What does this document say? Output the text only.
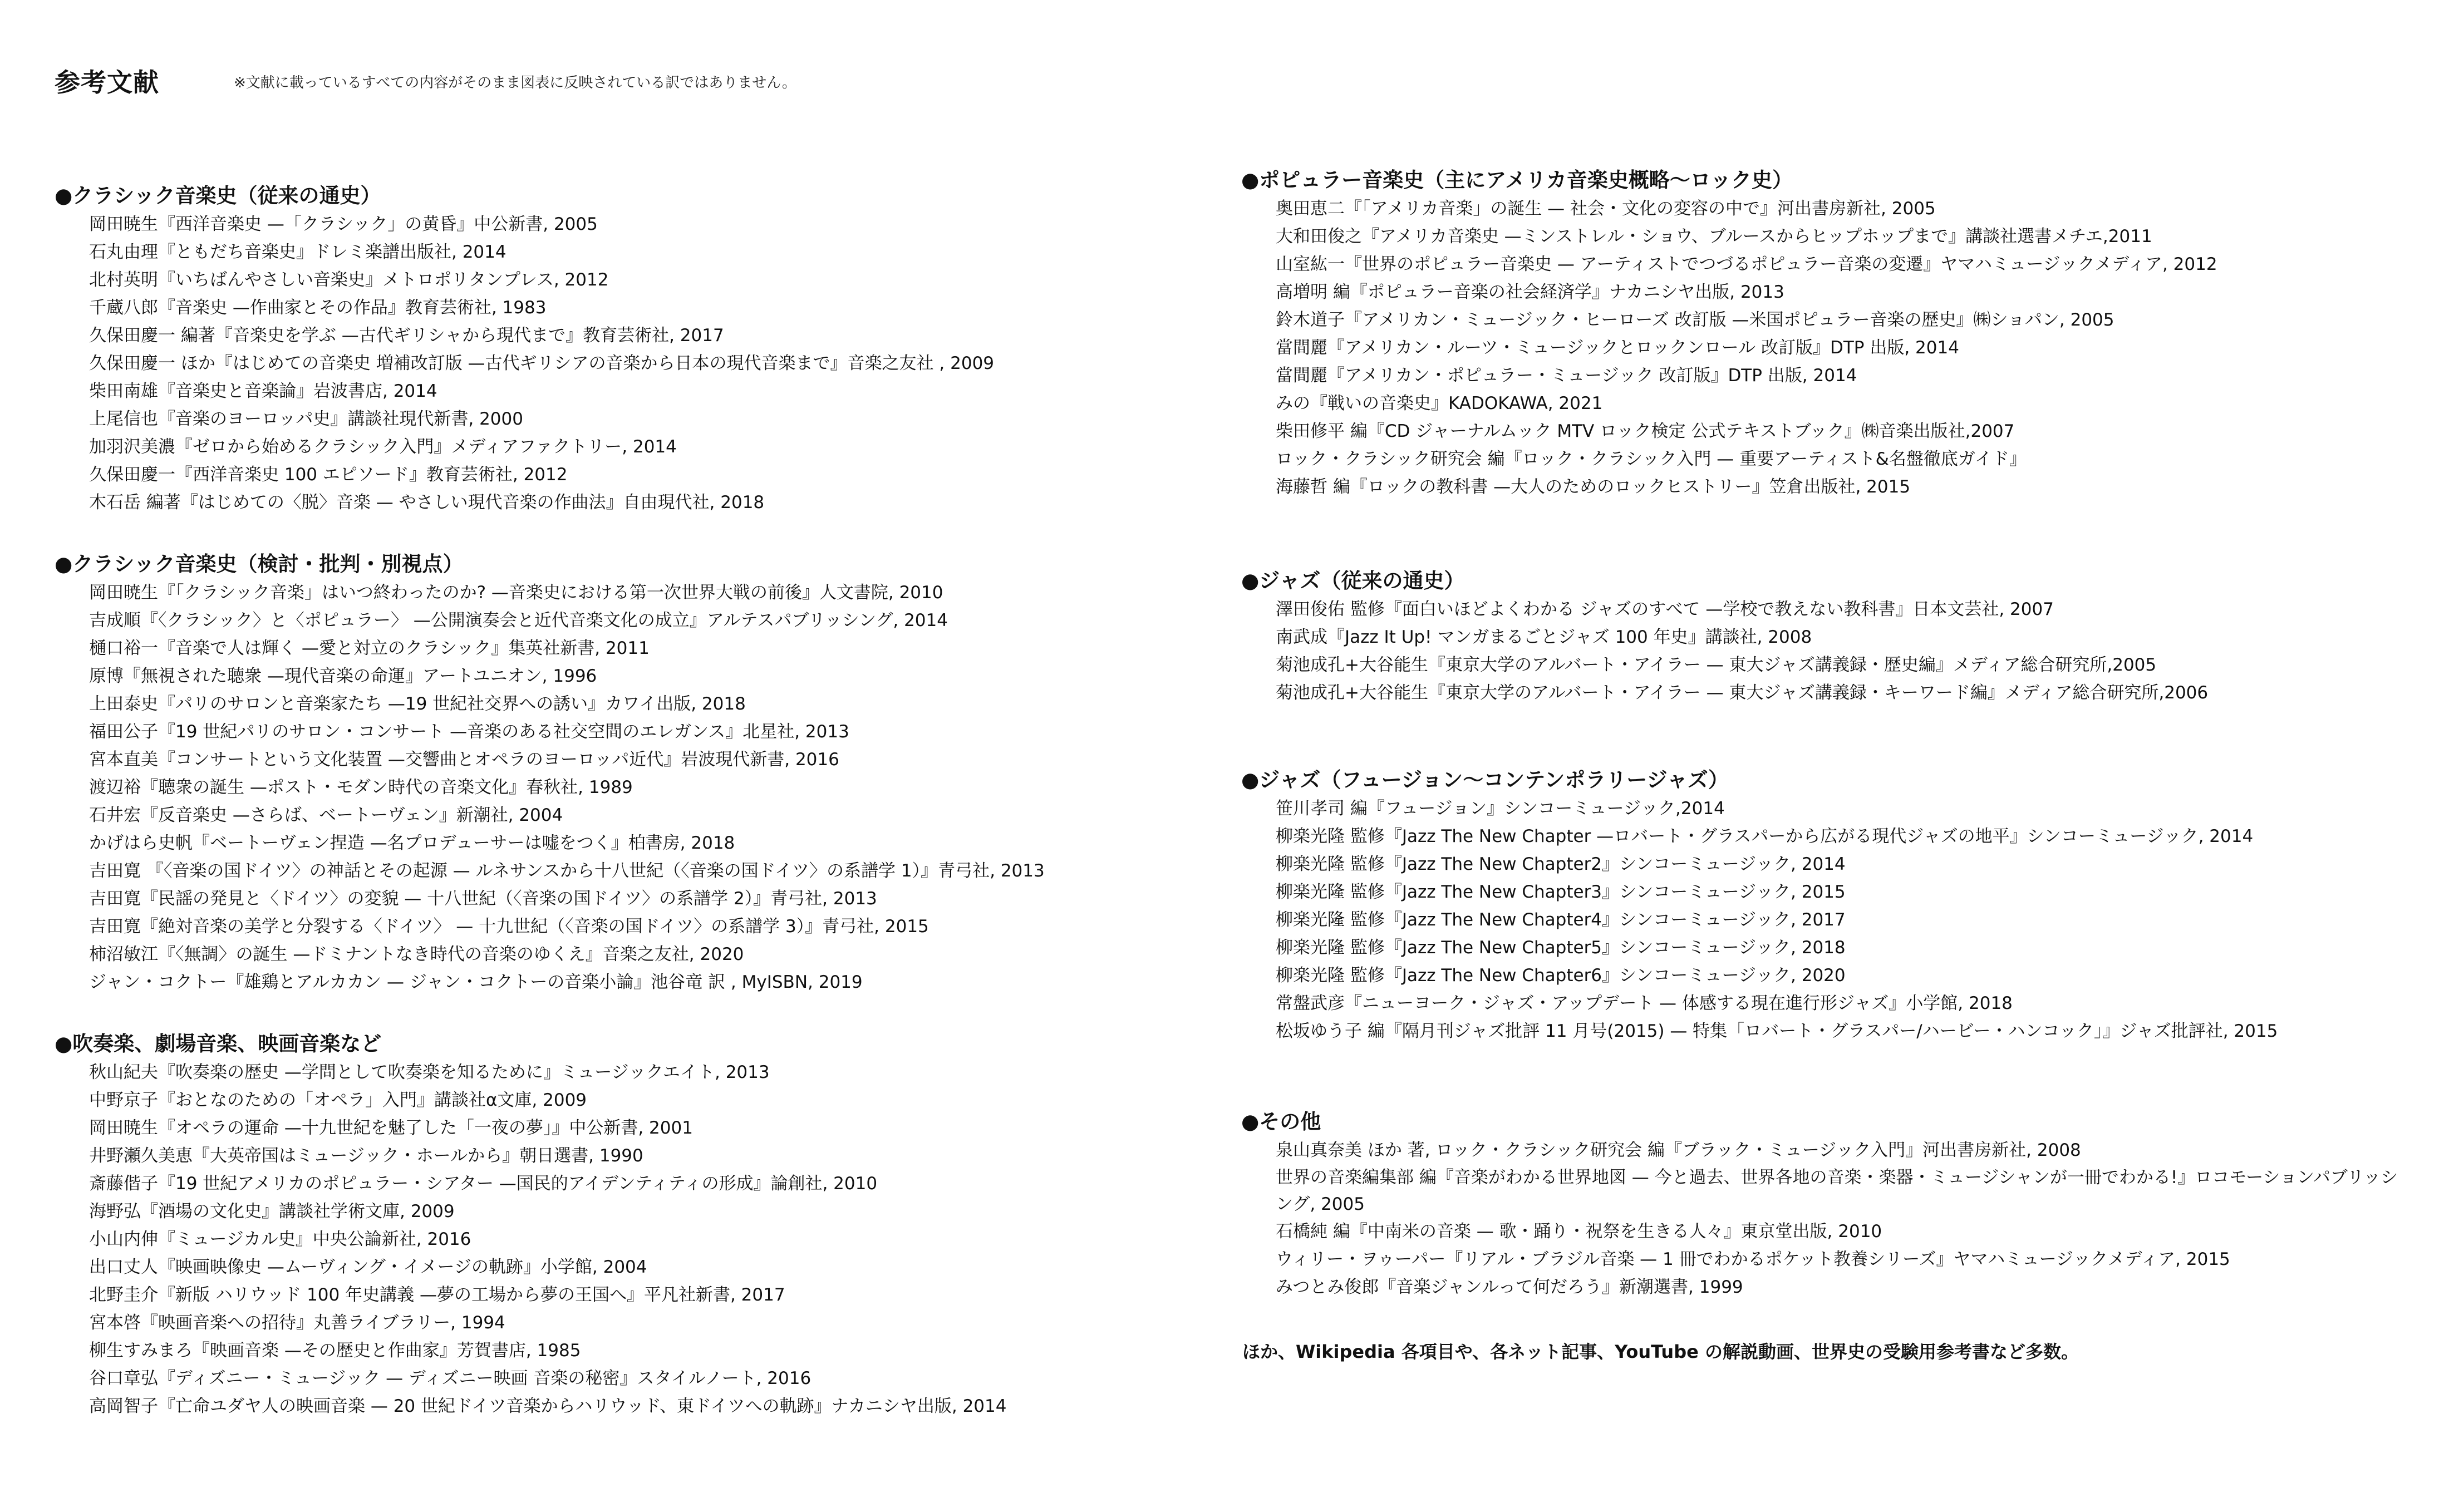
参考文献	※文献に載っているすべての内容がそのまま図表に反映されている訳ではありません。
●クラシック音楽史（従来の通史）
岡田暁生『西洋音楽史 —「クラシック」の黄昏』中公新書, 2005
石丸由理『ともだち音楽史』ドレミ楽譜出版社, 2014
北村英明『いちばんやさしい音楽史』メトロポリタンプレス, 2012
千蔵八郎『音楽史 —作曲家とその作品』教育芸術社, 1983
久保田慶一 編著『音楽史を学ぶ —古代ギリシャから現代まで』教育芸術社, 2017
久保田慶一 ほか『はじめての音楽史 増補改訂版 —古代ギリシアの音楽から日本の現代音楽まで』音楽之友社 , 2009
柴田南雄『音楽史と音楽論』岩波書店, 2014
上尾信也『音楽のヨーロッパ史』講談社現代新書, 2000
加羽沢美濃『ゼロから始めるクラシック入門』メディアファクトリー, 2014
久保田慶一『西洋音楽史 100 エピソード』教育芸術社, 2012
木石岳 編著『はじめての〈脱〉音楽 — やさしい現代音楽の作曲法』自由現代社, 2018
●クラシック音楽史（検討・批判・別視点）
岡田暁生『「クラシック音楽」はいつ終わったのか? —音楽史における第一次世界大戦の前後』人文書院, 2010
吉成順『〈クラシック〉と〈ポピュラー〉 —公開演奏会と近代音楽文化の成立』アルテスパブリッシング, 2014
樋口裕一『音楽で人は輝く —愛と対立のクラシック』集英社新書, 2011
原博『無視された聴衆 —現代音楽の命運』アートユニオン, 1996
上田泰史『パリのサロンと音楽家たち —19 世紀社交界への誘い』カワイ出版, 2018
福田公子『19 世紀パリのサロン・コンサート —音楽のある社交空間のエレガンス』北星社, 2013
宮本直美『コンサートという文化装置 —交響曲とオペラのヨーロッパ近代』岩波現代新書, 2016
渡辺裕『聴衆の誕生 —ポスト・モダン時代の音楽文化』春秋社, 1989
石井宏『反音楽史 —さらば、ベートーヴェン』新潮社, 2004
かげはら史帆『ベートーヴェン捏造 —名プロデューサーは嘘をつく』柏書房, 2018
吉田寛 『〈音楽の国ドイツ〉の神話とその起源 — ルネサンスから十八世紀（〈音楽の国ドイツ〉の系譜学 1）』青弓社, 2013
吉田寛『民謡の発見と〈ドイツ〉の変貌 — 十八世紀（〈音楽の国ドイツ〉の系譜学 2）』青弓社, 2013
吉田寛『絶対音楽の美学と分裂する〈ドイツ〉 — 十九世紀（〈音楽の国ドイツ〉の系譜学 3）』青弓社, 2015
柿沼敏江『〈無調〉の誕生 —ドミナントなき時代の音楽のゆくえ』音楽之友社, 2020
ジャン・コクトー『雄鶏とアルカカン — ジャン・コクトーの音楽小論』池谷竜 訳 , MyISBN, 2019
●吹奏楽、劇場音楽、映画音楽など
秋山紀夫『吹奏楽の歴史 —学問として吹奏楽を知るために』ミュージックエイト, 2013
中野京子『おとなのための「オペラ」入門』講談社α文庫, 2009
岡田暁生『オペラの運命 —十九世紀を魅了した「一夜の夢」』中公新書, 2001
井野瀬久美恵『大英帝国はミュージック・ホールから』朝日選書, 1990
斎藤偕子『19 世紀アメリカのポピュラー・シアター —国民的アイデンティティの形成』論創社, 2010
海野弘『酒場の文化史』講談社学術文庫, 2009
小山内伸『ミュージカル史』中央公論新社, 2016
出口丈人『映画映像史 —ムーヴィング・イメージの軌跡』小学館, 2004
北野圭介『新版 ハリウッド 100 年史講義 —夢の工場から夢の王国へ』平凡社新書, 2017
宮本啓『映画音楽への招待』丸善ライブラリー, 1994
柳生すみまろ『映画音楽 —その歴史と作曲家』芳賀書店, 1985
谷口章弘『ディズニー・ミュージック — ディズニー映画 音楽の秘密』スタイルノート, 2016
高岡智子『亡命ユダヤ人の映画音楽 — 20 世紀ドイツ音楽からハリウッド、東ドイツへの軌跡』ナカニシヤ出版, 2014
●ポピュラー音楽史（主にアメリカ音楽史概略～ロック史）
奥田恵二『「アメリカ音楽」の誕生 — 社会・文化の変容の中で』河出書房新社, 2005
大和田俊之『アメリカ音楽史 —ミンストレル・ショウ、ブルースからヒップホップまで』講談社選書メチエ,2011
山室紘一『世界のポピュラー音楽史 — アーティストでつづるポピュラー音楽の変遷』ヤマハミュージックメディア, 2012
高増明 編『ポピュラー音楽の社会経済学』ナカニシヤ出版, 2013
鈴木道子『アメリカン・ミュージック・ヒーローズ 改訂版 —米国ポピュラー音楽の歴史』㈱ショパン, 2005
當間麗『アメリカン・ルーツ・ミュージックとロックンロール 改訂版』DTP 出版, 2014
當間麗『アメリカン・ポピュラー・ミュージック 改訂版』DTP 出版, 2014
みの『戦いの音楽史』KADOKAWA, 2021
柴田修平 編『CD ジャーナルムック MTV ロック検定 公式テキストブック』㈱音楽出版社,2007
ロック・クラシック研究会 編『ロック・クラシック入門 — 重要アーティスト&名盤徹底ガイド』
海藤哲 編『ロックの教科書 —大人のためのロックヒストリー』笠倉出版社, 2015
●ジャズ（従来の通史）
澤田俊佑 監修『面白いほどよくわかる ジャズのすべて —学校で教えない教科書』日本文芸社, 2007
南武成『Jazz It Up! マンガまるごとジャズ 100 年史』講談社, 2008
菊池成孔+大谷能生『東京大学のアルバート・アイラー — 東大ジャズ講義録・歴史編』メディア総合研究所,2005
菊池成孔+大谷能生『東京大学のアルバート・アイラー — 東大ジャズ講義録・キーワード編』メディア総合研究所,2006
●ジャズ（フュージョン～コンテンポラリージャズ）
笹川孝司 編『フュージョン』シンコーミュージック,2014
柳楽光隆 監修『Jazz The New Chapter —ロバート・グラスパーから広がる現代ジャズの地平』シンコーミュージック, 2014
柳楽光隆 監修『Jazz The New Chapter2』シンコーミュージック, 2014
柳楽光隆 監修『Jazz The New Chapter3』シンコーミュージック, 2015
柳楽光隆 監修『Jazz The New Chapter4』シンコーミュージック, 2017
柳楽光隆 監修『Jazz The New Chapter5』シンコーミュージック, 2018
柳楽光隆 監修『Jazz The New Chapter6』シンコーミュージック, 2020
常盤武彦『ニューヨーク・ジャズ・アップデート — 体感する現在進行形ジャズ』小学館, 2018
松坂ゆう子 編『隔月刊ジャズ批評 11 月号(2015) — 特集「ロバート・グラスパー/ハービー・ハンコック」』ジャズ批評社, 2015
●その他
泉山真奈美 ほか 著, ロック・クラシック研究会 編『ブラック・ミュージック入門』河出書房新社, 2008
世界の音楽編集部 編『音楽がわかる世界地図 — 今と過去、世界各地の音楽・楽器・ミュージシャンが一冊でわかる!』ロコモーションパブリッシング, 2005
石橋純 編『中南米の音楽 — 歌・踊り・祝祭を生きる人々』東京堂出版, 2010
ウィリー・ヲゥーパー『リアル・ブラジル音楽 — 1 冊でわかるポケット教養シリーズ』ヤマハミュージックメディア, 2015
みつとみ俊郎『音楽ジャンルって何だろう』新潮選書, 1999
ほか、Wikipedia 各項目や、各ネット記事、YouTube の解説動画、世界史の受験用参考書など多数。
